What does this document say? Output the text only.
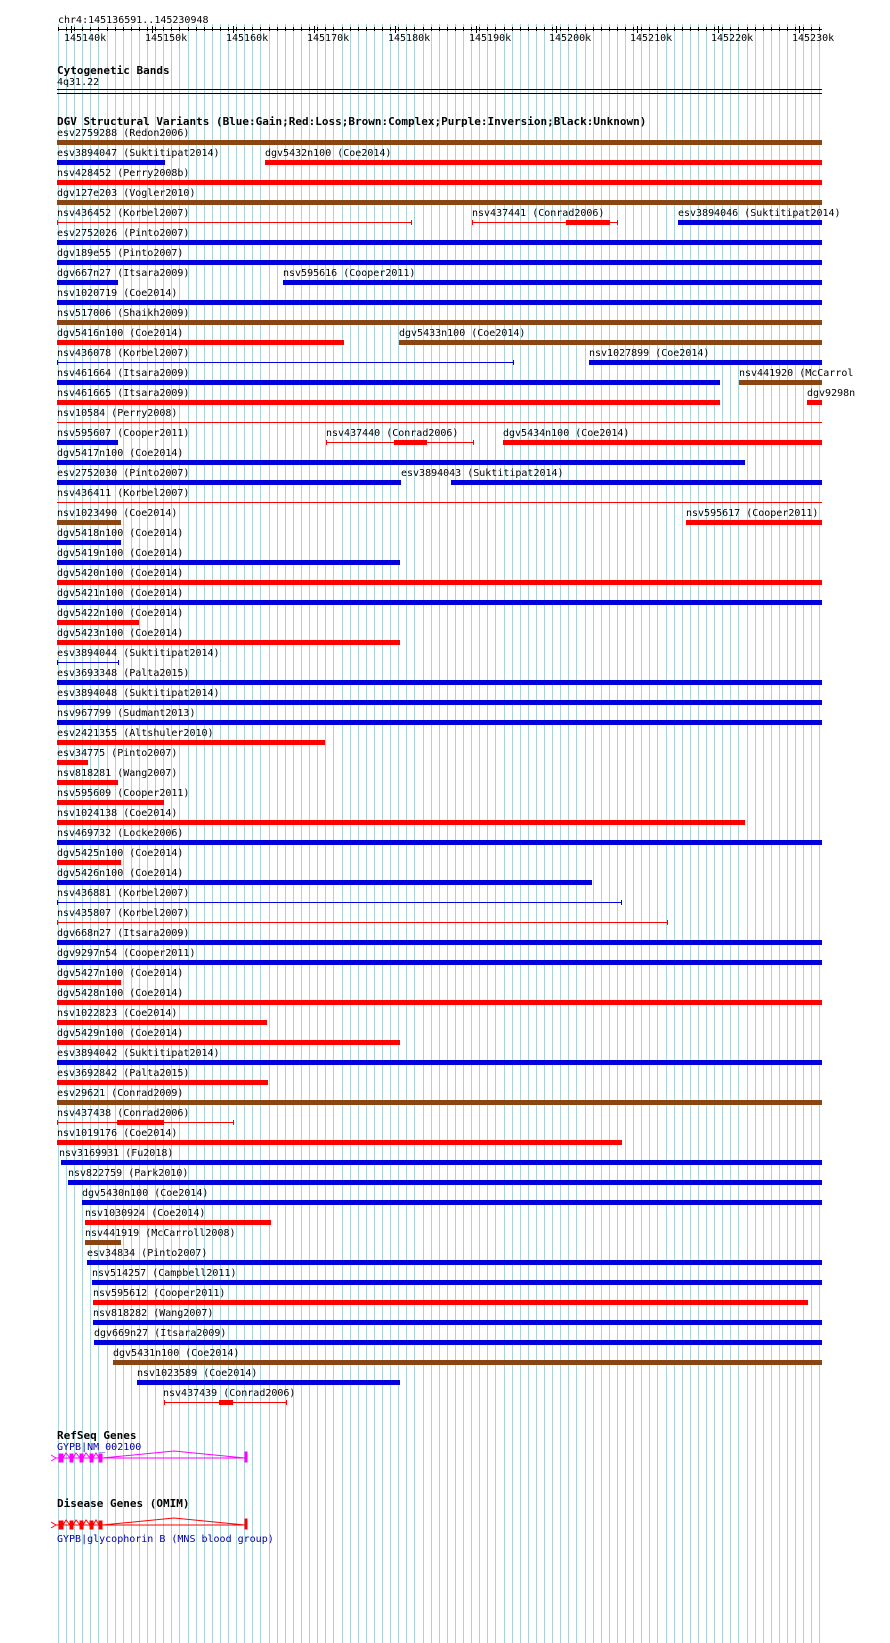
chr4:145136591..145230948
145140k	145150k	145160k	145170k	145180k	145190k	145200k	145210k	145220k	145230k
Cytogenetic Bands
4q31.22
DGV Structural Variants (Blue:Gain;Red:Loss;Brown:Complex;Purple:Inversion;Black:Unknown)
esv2759288 (Redon2006)
esv3894047 (Suktitipat2014)	dgv5432n100 (Coe2014)
nsv428452 (Perry2008b)
dgv127e203 (Vogler2010)
nsv436452 (Korbel2007)	nsv437441 (Conrad2006)	esv3894046 (Suktitipat2014)
esv2752026 (Pinto2007)
dgv189e55 (Pinto2007)
dgv667n27 (Itsara2009)	nsv595616 (Cooper2011)
nsv1020719 (Coe2014)
nsv517006 (Shaikh2009)
dgv5416n100 (Coe2014)	dgv5433n100 (Coe2014)
nsv436078 (Korbel2007)	nsv1027899 (Coe2014)
nsv461664 (Itsara2009)	nsv441920 (McCarrol
nsv461665 (Itsara2009)	dgv9298n
nsv10584 (Perry2008)
nsv595607 (Cooper2011)	nsv437440 (Conrad2006)	dgv5434n100 (Coe2014)
dgv5417n100 (Coe2014)
esv2752030 (Pinto2007)	esv3894043 (Suktitipat2014)
nsv436411 (Korbel2007)
nsv1023490 (Coe2014)	nsv595617 (Cooper2011)
dgv5418n100 (Coe2014)
dgv5419n100 (Coe2014)
dgv5420n100 (Coe2014)
dgv5421n100 (Coe2014)
dgv5422n100 (Coe2014)
dgv5423n100 (Coe2014)
esv3894044 (Suktitipat2014)
esv3693348 (Palta2015)
esv3894048 (Suktitipat2014)
nsv967799 (Sudmant2013)
esv2421355 (Altshuler2010)
esv34775 (Pinto2007)
nsv818281 (Wang2007)
nsv595609 (Cooper2011)
nsv1024138 (Coe2014)
nsv469732 (Locke2006)
dgv5425n100 (Coe2014)
dgv5426n100 (Coe2014)
nsv436881 (Korbel2007)
nsv435807 (Korbel2007)
dgv668n27 (Itsara2009)
dgv9297n54 (Cooper2011)
dgv5427n100 (Coe2014)
dgv5428n100 (Coe2014)
nsv1022823 (Coe2014)
dgv5429n100 (Coe2014)
esv3894042 (Suktitipat2014)
esv3692842 (Palta2015)
esv29621 (Conrad2009)
nsv437438 (Conrad2006)
nsv1019176 (Coe2014)
nsv3169931 (Fu2018)
nsv822759 (Park2010)
dgv5430n100 (Coe2014)
nsv1030924 (Coe2014)
nsv441919 (McCarroll2008)
esv34834 (Pinto2007)
nsv514257 (Campbell2011)
nsv595612 (Cooper2011)
nsv818282 (Wang2007)
dgv669n27 (Itsara2009)
dgv5431n100 (Coe2014)
nsv1023589 (Coe2014)
nsv437439 (Conrad2006)
RefSeq Genes
GYPB|NM_002100
Disease Genes (OMIM)
GYPB|glycophorin B (MNS blood group)
